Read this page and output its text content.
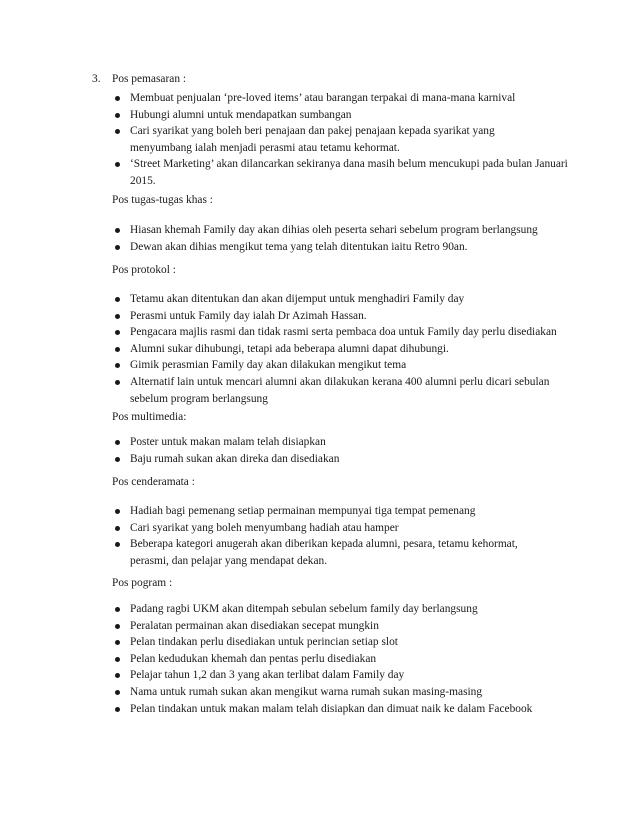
3. Pos pemasaran :
Membuat penjualan ‘pre-loved items’ atau barangan terpakai di mana-mana karnival
Hubungi alumni untuk mendapatkan sumbangan
Cari syarikat yang boleh beri penajaan dan pakej penajaan kepada syarikat yang menyumbang ialah menjadi perasmi atau tetamu kehormat.
‘Street Marketing’ akan dilancarkan sekiranya dana masih belum mencukupi pada bulan Januari 2015.
Pos tugas-tugas khas :
Hiasan khemah Family day akan dihias oleh peserta sehari sebelum program berlangsung
Dewan akan dihias mengikut tema yang telah ditentukan iaitu Retro 90an.
Pos protokol :
Tetamu akan ditentukan dan akan dijemput untuk menghadiri Family day
Perasmi untuk Family day ialah Dr Azimah Hassan.
Pengacara majlis rasmi dan tidak rasmi serta pembaca doa untuk Family day perlu disediakan
Alumni sukar dihubungi, tetapi ada beberapa alumni dapat dihubungi.
Gimik perasmian Family day akan dilakukan mengikut tema
Alternatif lain untuk mencari alumni akan dilakukan kerana 400 alumni perlu dicari sebulan sebelum program berlangsung
Pos multimedia:
Poster untuk makan malam telah disiapkan
Baju rumah sukan akan direka dan disediakan
Pos cenderamata :
Hadiah bagi pemenang setiap permainan mempunyai tiga tempat pemenang
Cari syarikat yang boleh menyumbang hadiah atau hamper
Beberapa kategori anugerah akan diberikan kepada alumni, pesara, tetamu kehormat, perasmi, dan pelajar yang mendapat dekan.
Pos pogram :
Padang ragbi UKM akan ditempah sebulan sebelum family day berlangsung
Peralatan permainan akan disediakan secepat mungkin
Pelan tindakan perlu disediakan untuk perincian setiap slot
Pelan kedudukan khemah dan pentas perlu disediakan
Pelajar tahun 1,2 dan 3 yang akan terlibat dalam Family day
Nama untuk rumah sukan akan mengikut warna rumah sukan masing-masing
Pelan tindakan untuk makan malam telah disiapkan dan dimuat naik ke dalam Facebook
